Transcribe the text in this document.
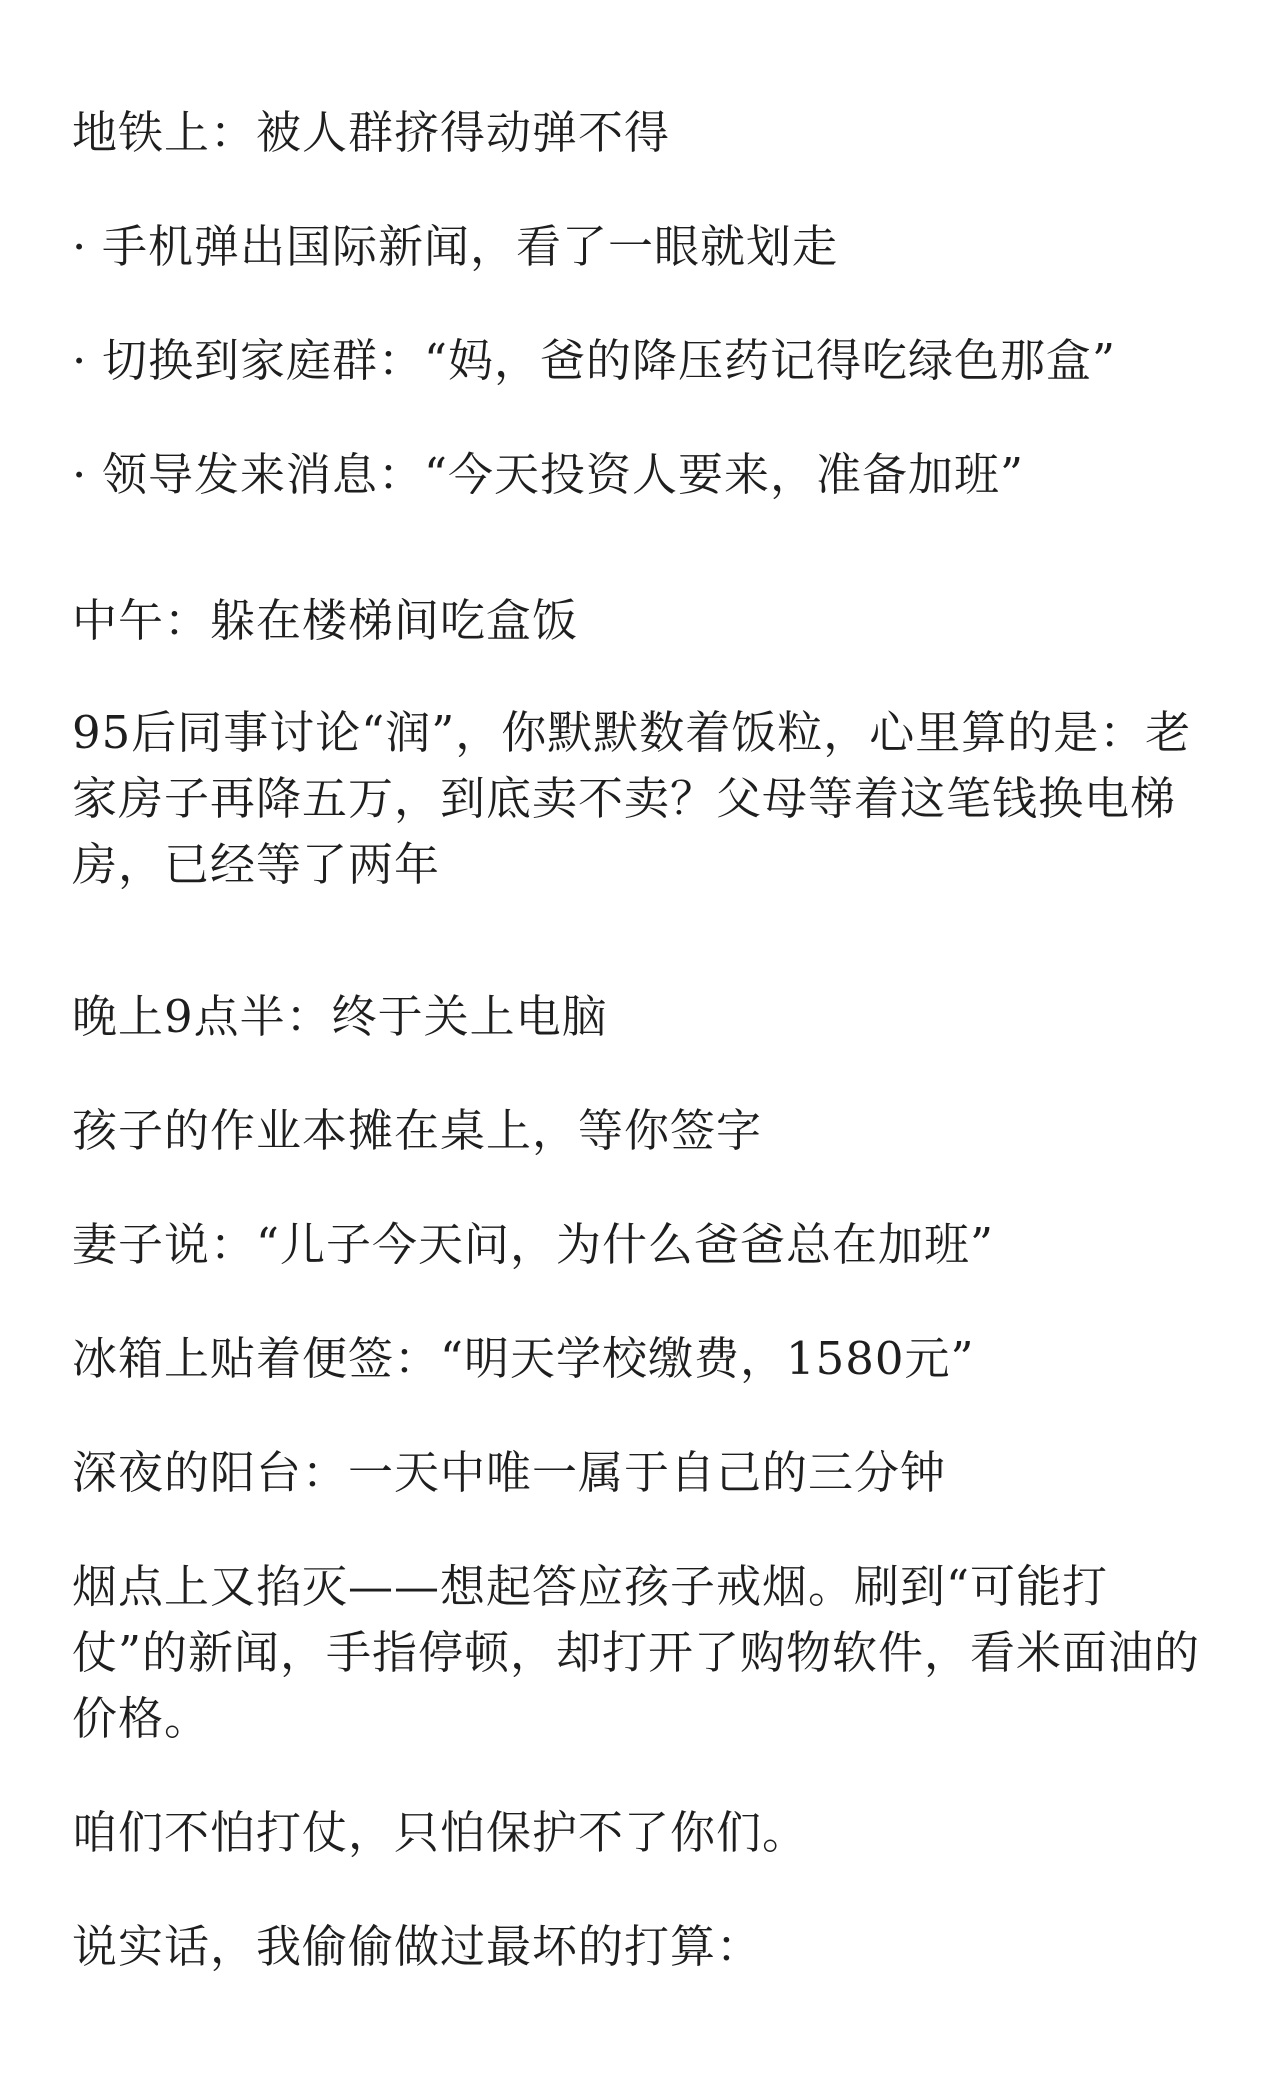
地铁上：被人群挤得动弹不得

· 手机弹出国际新闻，看了一眼就划走

· 切换到家庭群：“妈，爸的降压药记得吃绿色那盒”

· 领导发来消息：“今天投资人要来，准备加班”

中午：躲在楼梯间吃盒饭

95后同事讨论“润”，你默默数着饭粒，心里算的是：老家房子再降五万，到底卖不卖？父母等着这笔钱换电梯房，已经等了两年

晚上9点半：终于关上电脑

孩子的作业本摊在桌上，等你签字

妻子说：“儿子今天问，为什么爸爸总在加班”

冰箱上贴着便签：“明天学校缴费，1580元”

深夜的阳台：一天中唯一属于自己的三分钟

烟点上又掐灭——想起答应孩子戒烟。刷到“可能打仗”的新闻，手指停顿，却打开了购物软件，看米面油的价格。

咱们不怕打仗，只怕保护不了你们。

说实话，我偷偷做过最坏的打算：
